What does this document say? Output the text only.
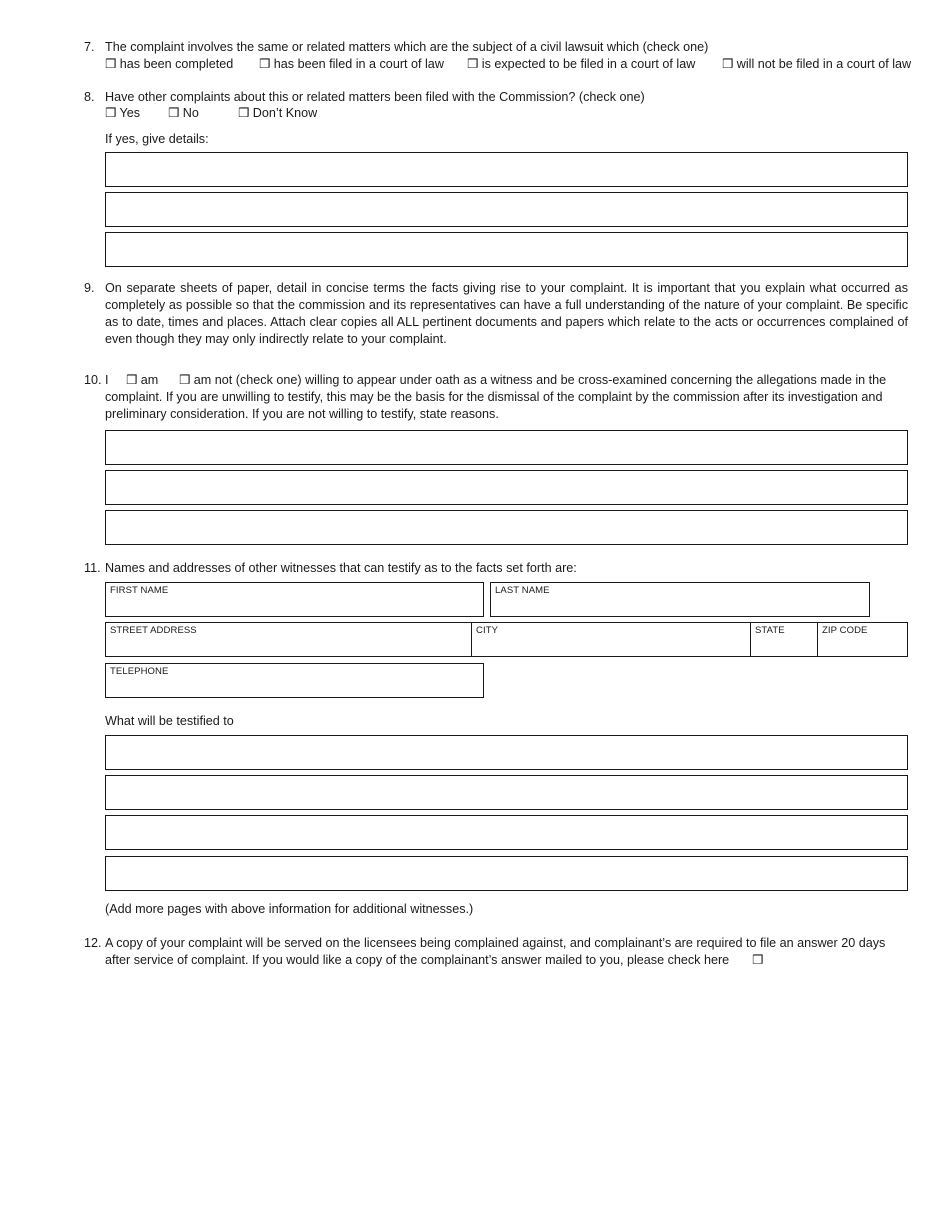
7. The complaint involves the same or related matters which are the subject of a civil lawsuit which (check one)
❒ has been completed ❒ has been filed in a court of law ❒ is expected to be filed in a court of law ❒ will not be filed in a court of law
8. Have other complaints about this or related matters been filed with the Commission? (check one)
❒ Yes ❒ No	❒ Don’t Know
If yes, give details:
9. On separate sheets of paper, detail in concise terms the facts giving rise to your complaint. It is important that you explain what occurred as completely as possible so that the commission and its representatives can have a full understanding of the nature of your complaint. Be specific as to date, times and places. Attach clear copies all ALL pertinent documents and papers which relate to the acts or occurrences complained of even though they may only indirectly relate to your complaint.
10. I ❒ am ❒ am not (check one) willing to appear under oath as a witness and be cross-examined concerning the allegations made in the
complaint. If you are unwilling to testify, this may be the basis for the dismissal of the complaint by the commission after its investigation and
preliminary consideration. If you are not willing to testify, state reasons.
11. Names and addresses of other witnesses that can testify as to the facts set forth are:
FIRST NAME	LAST NAME
STREET ADDRESS	CITY	STATE	ZIP CODE
TELEPHONE
What will be testified to
(Add more pages with above information for additional witnesses.)
12. A copy of your complaint will be served on the licensees being complained against, and complainant’s are required to file an answer 20 days
after service of complaint. If you would like a copy of the complainant’s answer mailed to you, please check here ❒
